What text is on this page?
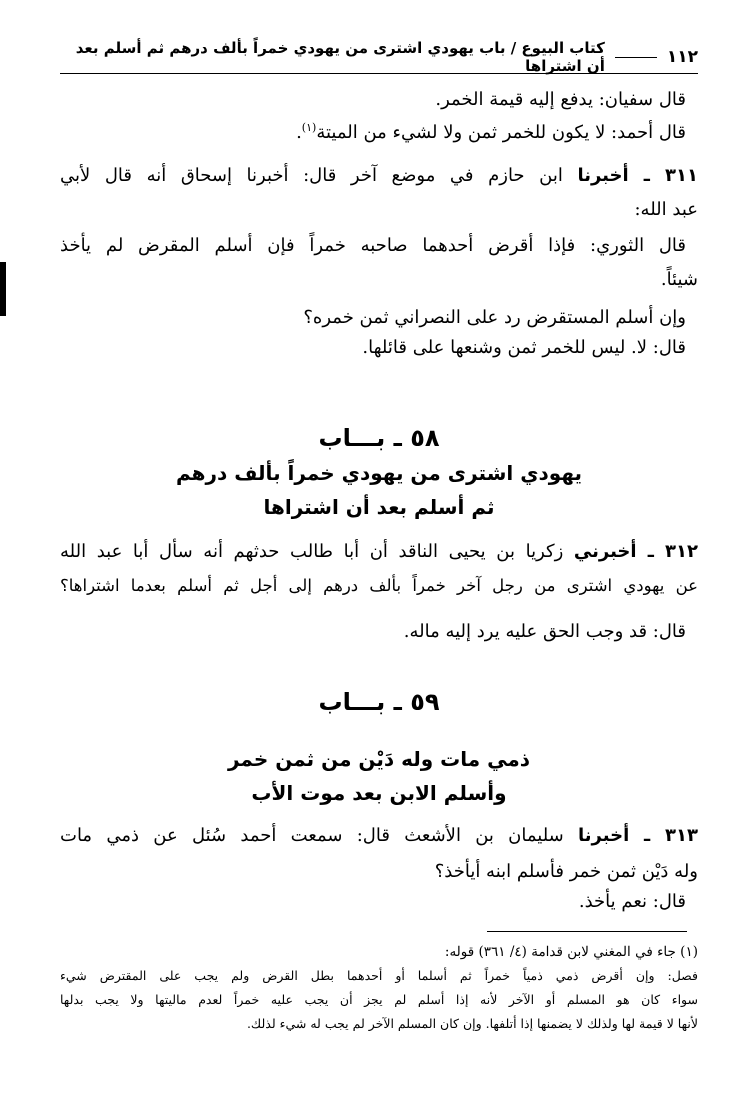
١١٢
كتاب البيوع / باب يهودي اشترى من يهودي خمراً بألف درهم ثم أسلم بعد أن اشتراها
قال سفيان: يدفع إليه قيمة الخمر.
قال أحمد: لا يكون للخمر ثمن ولا لشيء من الميتة$^{(١)}$.
٣١١ ـ أخبرنا ابن حازم في موضع آخر قال: أخبرنا إسحاق أنه قال لأبي
عبد الله:
قال الثوري: فإذا أقرض أحدهما صاحبه خمراً فإن أسلم المقرض لم يأخذ
شيئاً.
وإن أسلم المستقرض رد على النصراني ثمن خمره؟
قال: لا. ليس للخمر ثمن وشنعها على قائلها.
٥٨ ـ بـــاب
يهودي اشترى من يهودي خمراً بألف درهم
ثم أسلم بعد أن اشتراها
٣١٢ ـ أخبرني زكريا بن يحيى الناقد أن أبا طالب حدثهم أنه سأل أبا عبد الله
عن يهودي اشترى من رجل آخر خمراً بألف درهم إلى أجل ثم أسلم بعدما اشتراها؟
قال: قد وجب الحق عليه يرد إليه ماله.
٥٩ ـ بـــاب
ذمي مات وله دَيْن من ثمن خمر
وأسلم الابن بعد موت الأب
٣١٣ ـ أخبرنا سليمان بن الأشعث قال: سمعت أحمد سُئل عن ذمي مات
وله دَيْن ثمن خمر فأسلم ابنه أيأخذ؟
قال: نعم يأخذ.
(١) جاء في المغني لابن قدامة (٤/ ٣٦١) قوله:
فصل: وإن أقرض ذمي ذمياً خمراً ثم أسلما أو أحدهما بطل القرض ولم يجب على المقترض شيء
سواء كان هو المسلم أو الآخر لأنه إذا أسلم لم يجز أن يجب عليه خمراً لعدم ماليتها ولا يجب بدلها
لأنها لا قيمة لها ولذلك لا يضمنها إذا أتلفها. وإن كان المسلم الآخر لم يجب له شيء لذلك.
